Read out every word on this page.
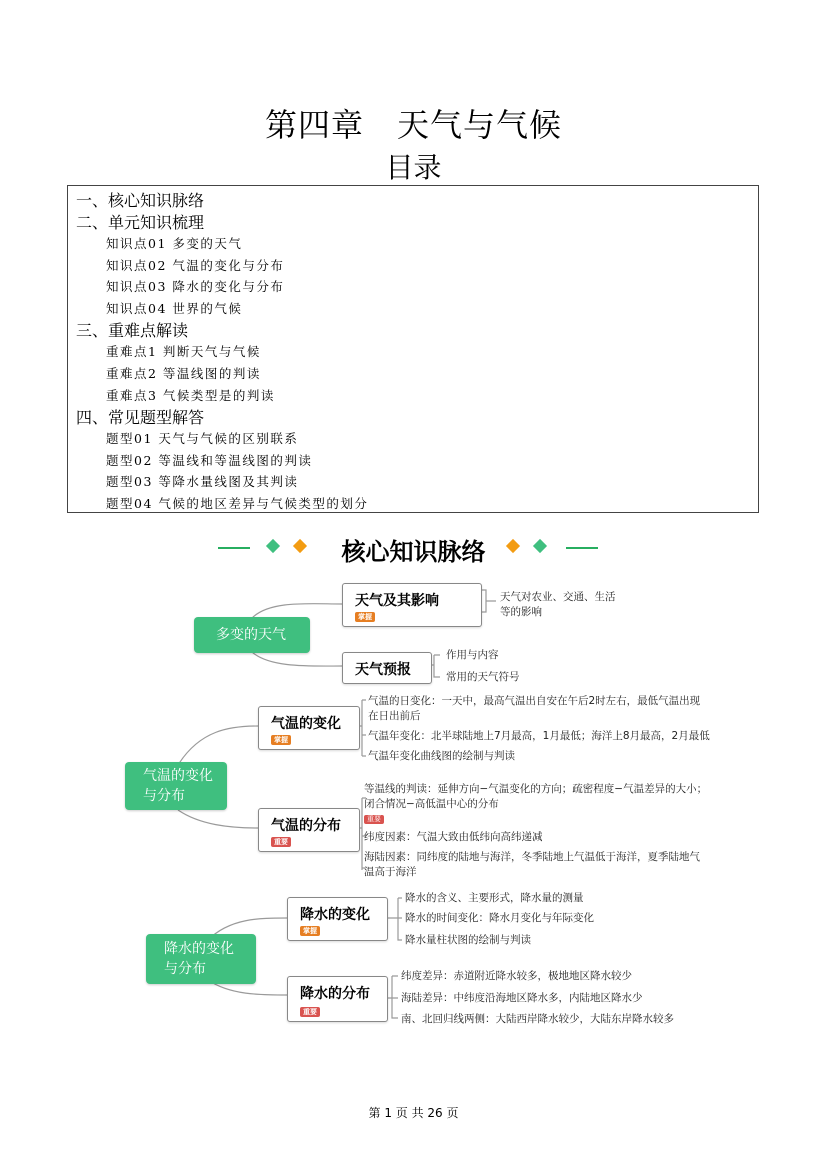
第四章　天气与气候
目录
一、核心知识脉络
二、单元知识梳理
知识点01 多变的天气
知识点02 气温的变化与分布
知识点03 降水的变化与分布
知识点04 世界的气候
三、重难点解读
重难点1 判断天气与气候
重难点2 等温线图的判读
重难点3 气候类型是的判读
四、常见题型解答
题型01 天气与气候的区别联系
题型02 等温线和等温线图的判读
题型03 等降水量线图及其判读
题型04 气候的地区差异与气候类型的划分
核心知识脉络
多变的天气
天气及其影响
掌握
天气对农业、交通、生活
等的影响
天气预报
作用与内容
常用的天气符号
气温的变化
与分布
气温的变化
掌握
气温的日变化：一天中，最高气温出自安在午后2时左右，最低气温出现
在日出前后
气温年变化：北半球陆地上7月最高，1月最低；海洋上8月最高，2月最低
气温年变化曲线图的绘制与判读
气温的分布
重要
等温线的判读：延伸方向−气温变化的方向；疏密程度−气温差异的大小；
闭合情况−高低温中心的分布
重要
纬度因素：气温大致由低纬向高纬递减
海陆因素：同纬度的陆地与海洋，冬季陆地上气温低于海洋，夏季陆地气
温高于海洋
降水的变化
与分布
降水的变化
掌握
降水的含义、主要形式，降水量的测量
降水的时间变化：降水月变化与年际变化
降水量柱状图的绘制与判读
降水的分布
重要
纬度差异：赤道附近降水较多，极地地区降水较少
海陆差异：中纬度沿海地区降水多，内陆地区降水少
南、北回归线两侧：大陆西岸降水较少，大陆东岸降水较多
第 1 页 共 26 页
